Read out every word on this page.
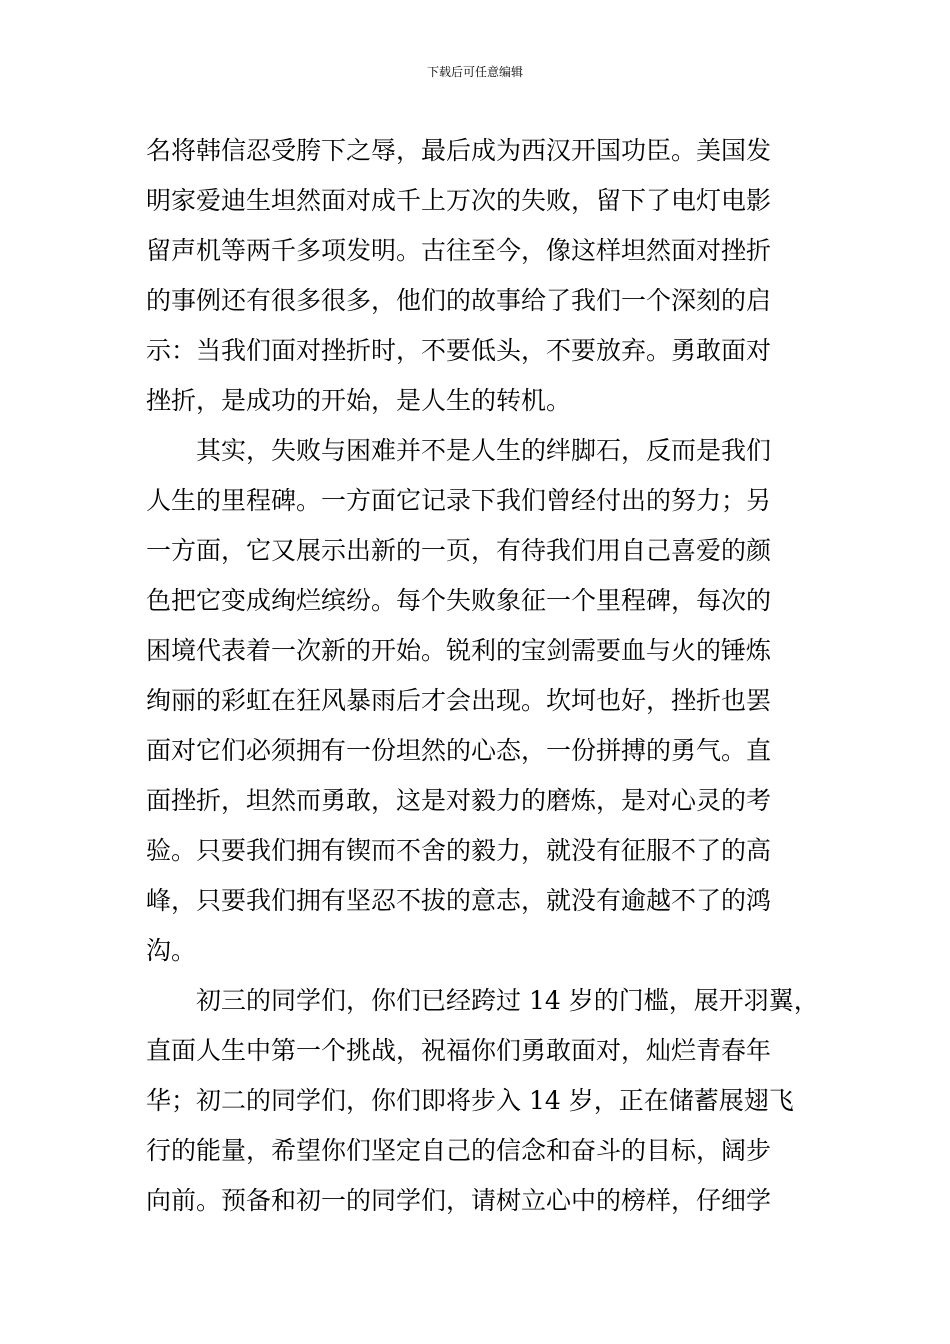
下载后可任意编辑
名将韩信忍受胯下之辱，最后成为西汉开国功臣。美国发
明家爱迪生坦然面对成千上万次的失败，留下了电灯电影
留声机等两千多项发明。古往至今，像这样坦然面对挫折
的事例还有很多很多，他们的故事给了我们一个深刻的启
示：当我们面对挫折时，不要低头，不要放弃。勇敢面对
挫折，是成功的开始，是人生的转机。
其实，失败与困难并不是人生的绊脚石，反而是我们
人生的里程碑。一方面它记录下我们曾经付出的努力；另
一方面，它又展示出新的一页，有待我们用自己喜爱的颜
色把它变成绚烂缤纷。每个失败象征一个里程碑，每次的
困境代表着一次新的开始。锐利的宝剑需要血与火的锤炼
绚丽的彩虹在狂风暴雨后才会出现。坎坷也好，挫折也罢
面对它们必须拥有一份坦然的心态，一份拼搏的勇气。直
面挫折，坦然而勇敢，这是对毅力的磨炼，是对心灵的考
验。只要我们拥有锲而不舍的毅力，就没有征服不了的高
峰，只要我们拥有坚忍不拔的意志，就没有逾越不了的鸿
沟。
初三的同学们，你们已经跨过 14 岁的门槛，展开羽翼，
直面人生中第一个挑战，祝福你们勇敢面对，灿烂青春年
华；初二的同学们，你们即将步入 14 岁，正在储蓄展翅飞
行的能量，希望你们坚定自己的信念和奋斗的目标，阔步
向前。预备和初一的同学们，请树立心中的榜样，仔细学
